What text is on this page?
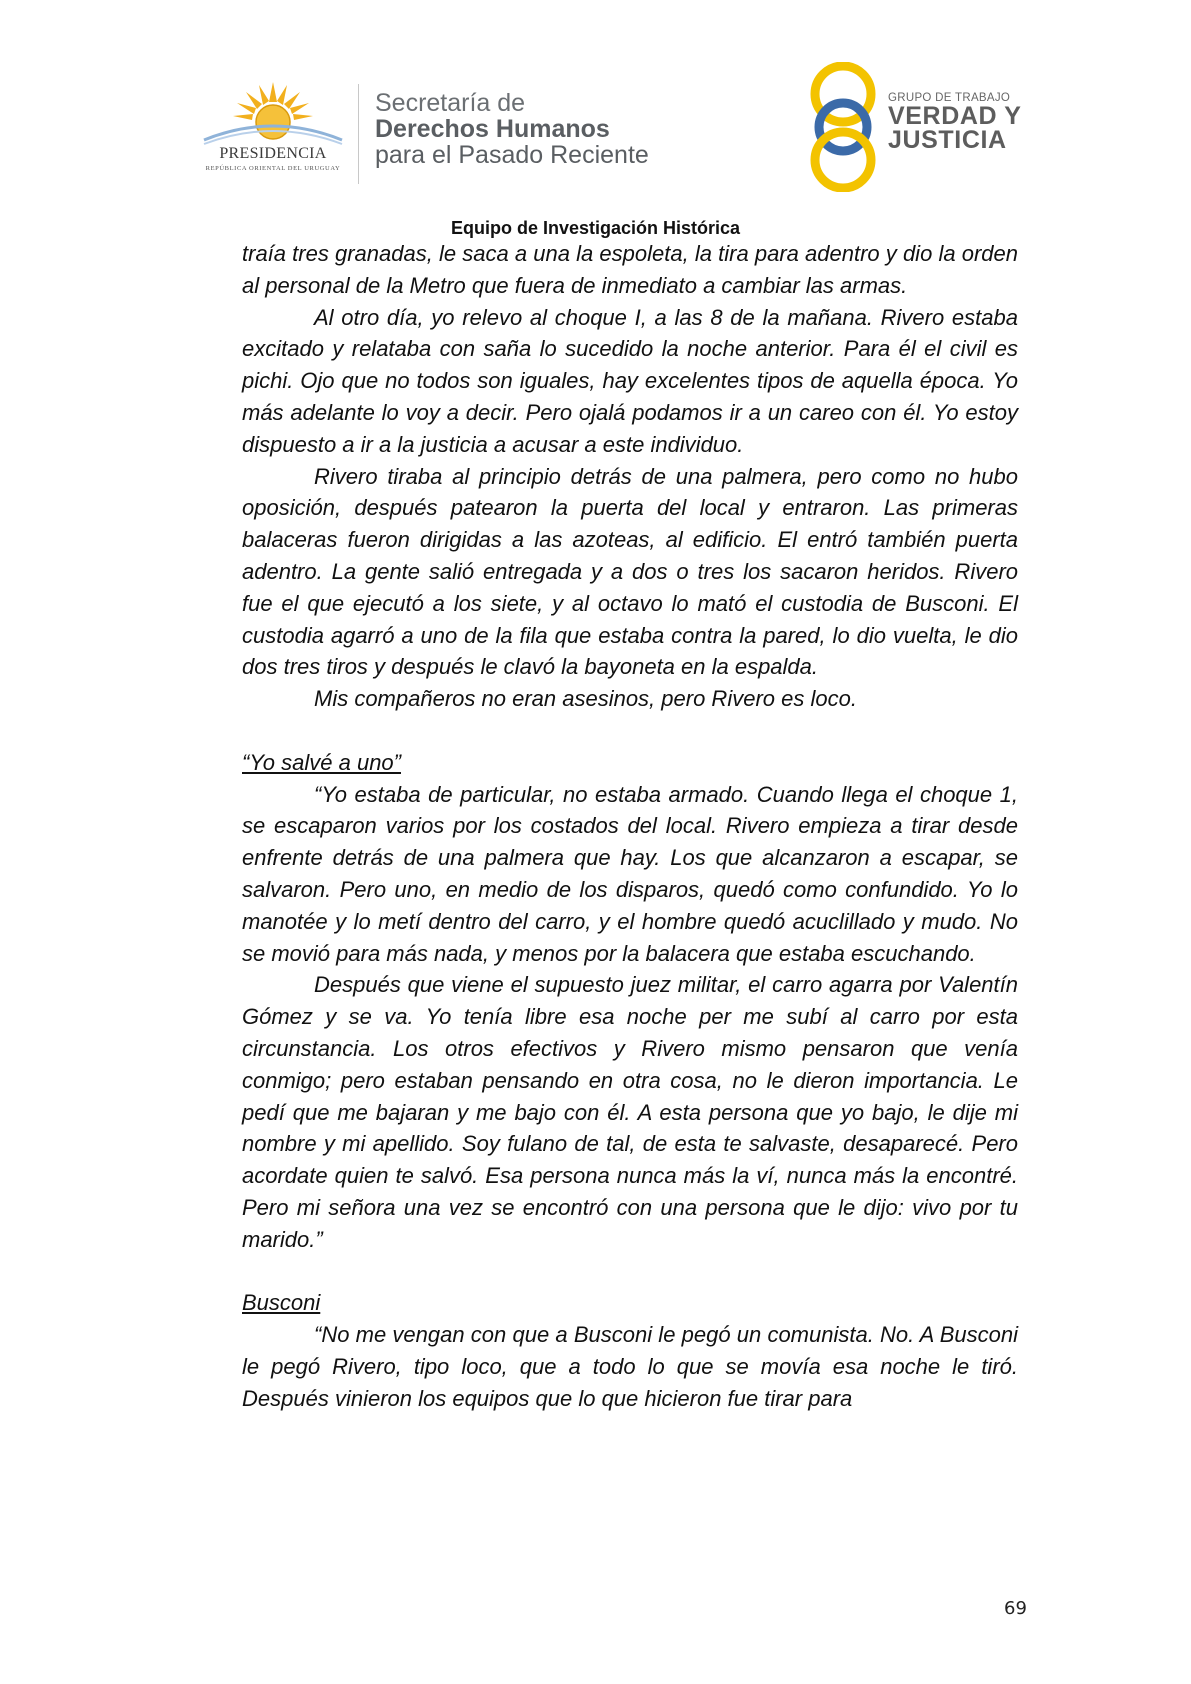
PRESIDENCIA
REPÚBLICA ORIENTAL DEL URUGUAY
Secretaría de
Derechos Humanos
para el Pasado Reciente
GRUPO DE TRABAJO
VERDAD Y
JUSTICIA
Equipo de Investigación Histórica

traía tres granadas, le saca a una la espoleta, la tira para adentro y dio la orden al personal de la Metro que fuera de inmediato a cambiar las armas.

Al otro día, yo relevo al choque I, a las 8 de la mañana. Rivero estaba excitado y relataba con saña lo sucedido la noche anterior. Para él el civil es pichi. Ojo que no todos son iguales, hay excelentes tipos de aquella época. Yo más adelante lo voy a decir. Pero ojalá podamos ir a un careo con él. Yo estoy dispuesto a ir a la justicia a acusar a este individuo.

Rivero tiraba al principio detrás de una palmera, pero como no hubo oposición, después patearon la puerta del local y entraron. Las primeras balaceras fueron dirigidas a las azoteas, al edificio. El entró también puerta adentro. La gente salió entregada y a dos o tres los sacaron heridos. Rivero fue el que ejecutó a los siete, y al octavo lo mató el custodia de Busconi. El custodia agarró a uno de la fila que estaba contra la pared, lo dio vuelta, le dio dos tres tiros y después le clavó la bayoneta en la espalda.

Mis compañeros no eran asesinos, pero Rivero es loco.

“Yo salvé a uno”

“Yo estaba de particular, no estaba armado. Cuando llega el choque 1, se escaparon varios por los costados del local. Rivero empieza a tirar desde enfrente detrás de una palmera que hay. Los que alcanzaron a escapar, se salvaron. Pero uno, en medio de los disparos, quedó como confundido. Yo lo manotée y lo metí dentro del carro, y el hombre quedó acuclillado y mudo. No se movió para más nada, y menos por la balacera que estaba escuchando.

Después que viene el supuesto juez militar, el carro agarra por Valentín Gómez y se va. Yo tenía libre esa noche per me subí al carro por esta circunstancia. Los otros efectivos y Rivero mismo pensaron que venía conmigo; pero estaban pensando en otra cosa, no le dieron importancia. Le pedí que me bajaran y me bajo con él. A esta persona que yo bajo, le dije mi nombre y mi apellido. Soy fulano de tal, de esta te salvaste, desaparecé. Pero acordate quien te salvó. Esa persona nunca más la ví, nunca más la encontré. Pero mi señora una vez se encontró con una persona que le dijo: vivo por tu marido.”

Busconi

“No me vengan con que a Busconi le pegó un comunista. No. A Busconi le pegó Rivero, tipo loco, que a todo lo que se movía esa noche le tiró. Después vinieron los equipos que lo que hicieron fue tirar para

69
